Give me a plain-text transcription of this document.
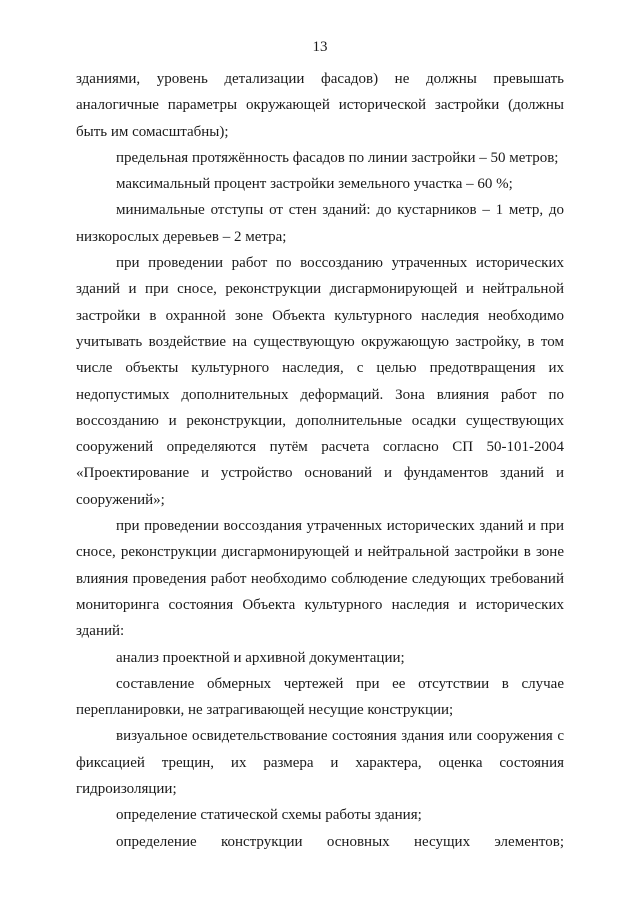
13

зданиями, уровень детализации фасадов) не должны превышать аналогичные параметры окружающей исторической застройки (должны быть им сомасштабны);

предельная протяжённость фасадов по линии застройки – 50 метров;

максимальный процент застройки земельного участка – 60 %;

минимальные отступы от стен зданий: до кустарников – 1 метр, до низкорослых деревьев – 2 метра;

при проведении работ по воссозданию утраченных исторических зданий и при сносе, реконструкции дисгармонирующей и нейтральной застройки в охранной зоне Объекта культурного наследия необходимо учитывать воздействие на существующую окружающую застройку, в том числе объекты культурного наследия, с целью предотвращения их недопустимых дополнительных деформаций. Зона влияния работ по воссозданию и реконструкции, дополнительные осадки существующих сооружений определяются путём расчета согласно СП 50-101-2004 «Проектирование и устройство оснований и фундаментов зданий и сооружений»;

при проведении воссоздания утраченных исторических зданий и при сносе, реконструкции дисгармонирующей и нейтральной застройки в зоне влияния проведения работ необходимо соблюдение следующих требований мониторинга состояния Объекта культурного наследия и исторических зданий:

анализ проектной и архивной документации;

составление обмерных чертежей при ее отсутствии в случае перепланировки, не затрагивающей несущие конструкции;

визуальное освидетельствование состояния здания или сооружения с фиксацией трещин, их размера и характера, оценка состояния гидроизоляции;

определение статической схемы работы здания;

определение конструкции основных несущих элементов;
